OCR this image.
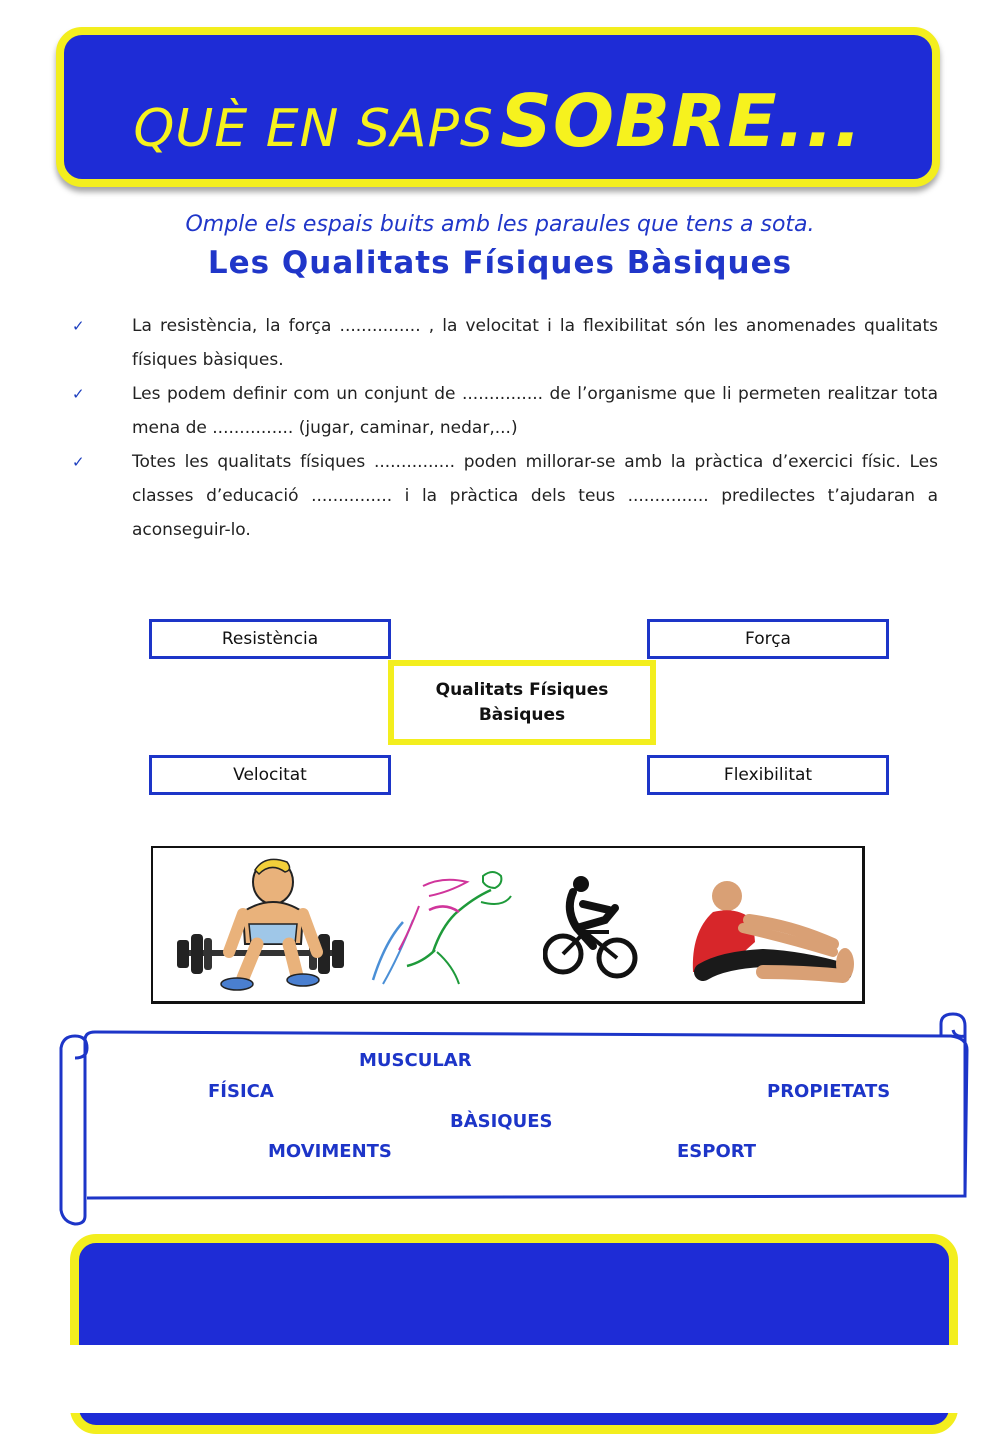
QUÈ EN SAPS SOBRE...
Omple els espais buits amb les paraules que tens a sota.
Les Qualitats Físiques Bàsiques
✓	La resistència, la força ............... , la velocitat i la flexibilitat són les anomenades qualitats físiques bàsiques.
✓	Les podem definir com un conjunt de ............... de l’organisme que li permeten realitzar tota mena de ............... (jugar, caminar, nedar,...)
✓	Totes les qualitats físiques ............... poden millorar-se amb la pràctica d’exercici físic. Les classes d’educació ............... i la pràctica dels teus ............... predilectes t’ajudaran a aconseguir-lo.
Resistència	Força
Qualitats Físiques
Bàsiques
Velocitat	Flexibilitat
MUSCULAR
FÍSICA	PROPIETATS
BÀSIQUES
MOVIMENTS	ESPORT
